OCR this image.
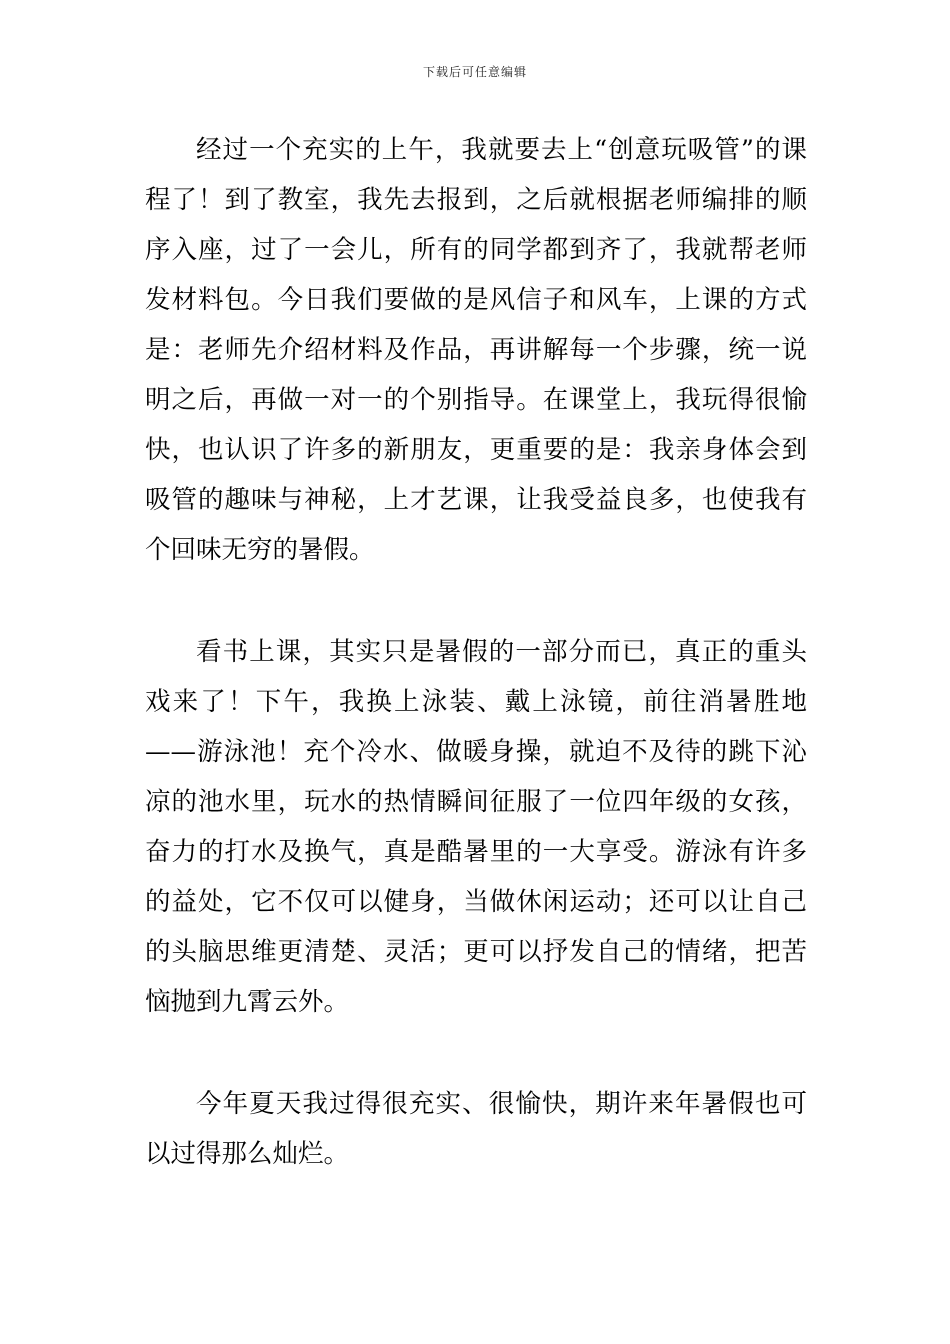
下载后可任意编辑

经过一个充实的上午，我就要去上“创意玩吸管”的课程了！到了教室，我先去报到，之后就根据老师编排的顺序入座，过了一会儿，所有的同学都到齐了，我就帮老师发材料包。今日我们要做的是风信子和风车，上课的方式是：老师先介绍材料及作品，再讲解每一个步骤，统一说明之后，再做一对一的个别指导。在课堂上，我玩得很愉快，也认识了许多的新朋友，更重要的是：我亲身体会到吸管的趣味与神秘，上才艺课，让我受益良多，也使我有个回味无穷的暑假。

看书上课，其实只是暑假的一部分而已，真正的重头戏来了！下午，我换上泳装、戴上泳镜，前往消暑胜地——游泳池！充个冷水、做暖身操，就迫不及待的跳下沁凉的池水里，玩水的热情瞬间征服了一位四年级的女孩，奋力的打水及换气，真是酷暑里的一大享受。游泳有许多的益处，它不仅可以健身，当做休闲运动；还可以让自己的头脑思维更清楚、灵活；更可以抒发自己的情绪，把苦恼抛到九霄云外。

今年夏天我过得很充实、很愉快，期许来年暑假也可以过得那么灿烂。
